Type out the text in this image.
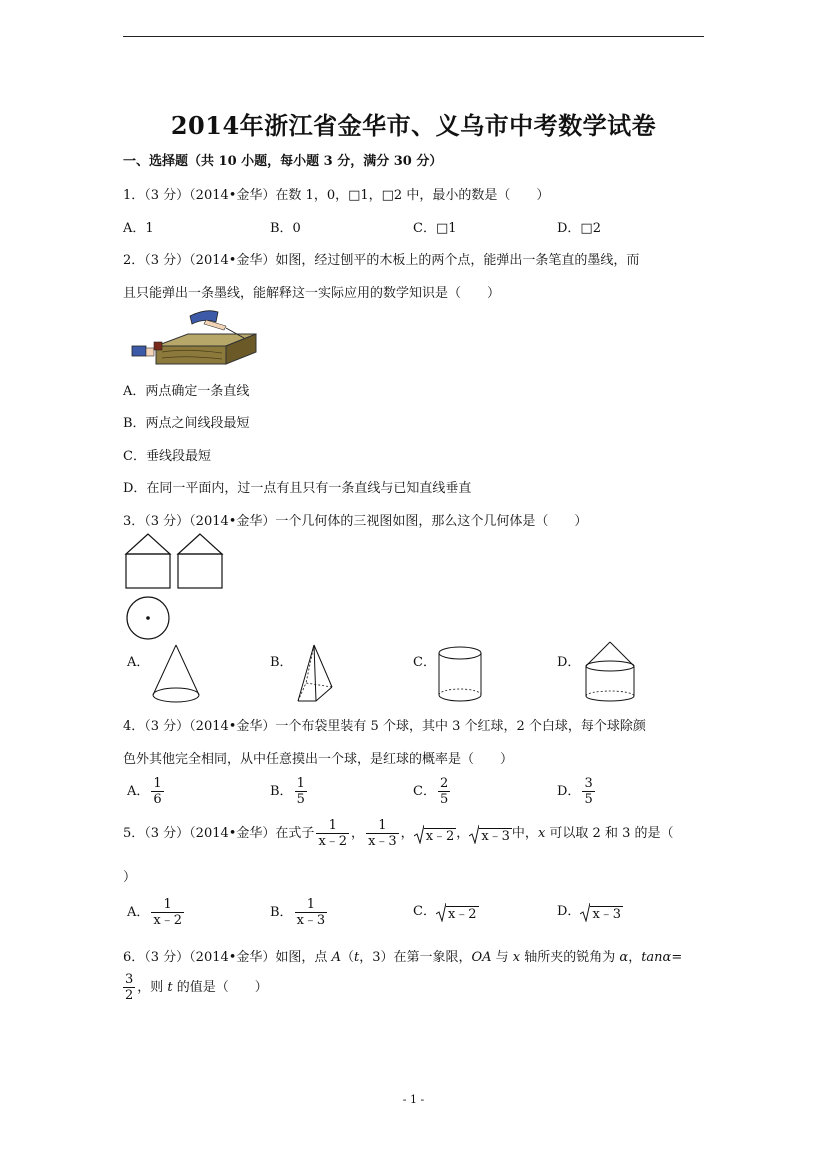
2014年浙江省金华市、义乌市中考数学试卷
一、选择题（共 10 小题，每小题 3 分，满分 30 分）
1．（3 分）（2014•金华）在数 1，0，□1，□2 中，最小的数是（　　）
A．1	B．0	C．□1	D．□2
2．（3 分）（2014•金华）如图，经过刨平的木板上的两个点，能弹出一条笔直的墨线，而
且只能弹出一条墨线，能解释这一实际应用的数学知识是（　　）
A．两点确定一条直线
B．两点之间线段最短
C．垂线段最短
D．在同一平面内，过一点有且只有一条直线与已知直线垂直
3．（3 分）（2014•金华）一个几何体的三视图如图，那么这个几何体是（　　）
A．	B．	C．	D．
4．（3 分）（2014•金华）一个布袋里装有 5 个球，其中 3 个红球，2 个白球，每个球除颜
色外其他完全相同，从中任意摸出一个球，是红球的概率是（　　）
A． $\frac{1}{6}$	B． $\frac{1}{5}$	C． $\frac{2}{5}$	D． $\frac{3}{5}$
5．（3 分）（2014•金华）在式子 $\frac{1}{x﹣2}$ ， $\frac{1}{x﹣3}$ ， x﹣2 ， x﹣3 中，x 可以取 2 和 3 的是（
）
A． $\frac{1}{x﹣2}$	B． $\frac{1}{x﹣3}$	C． x﹣2	D． x﹣3
6．（3 分）（2014•金华）如图，点 A（t，3）在第一象限，OA 与 x 轴所夹的锐角为 α，tanα=
$\frac{3}{2}$ ，则 t 的值是（　　）
- 1 -
